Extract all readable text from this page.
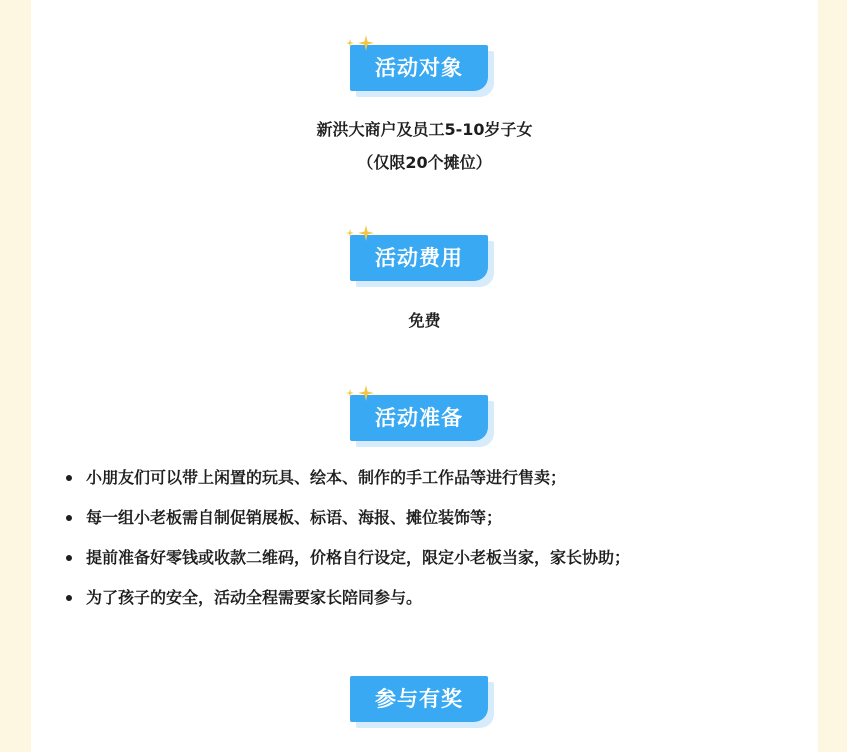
活动对象
新洪大商户及员工5-10岁子女
（仅限20个摊位）
活动费用
免费
活动准备
小朋友们可以带上闲置的玩具、绘本、制作的手工作品等进行售卖；
每一组小老板需自制促销展板、标语、海报、摊位装饰等；
提前准备好零钱或收款二维码，价格自行设定，限定小老板当家，家长协助；
为了孩子的安全，活动全程需要家长陪同参与。
参与有奖
